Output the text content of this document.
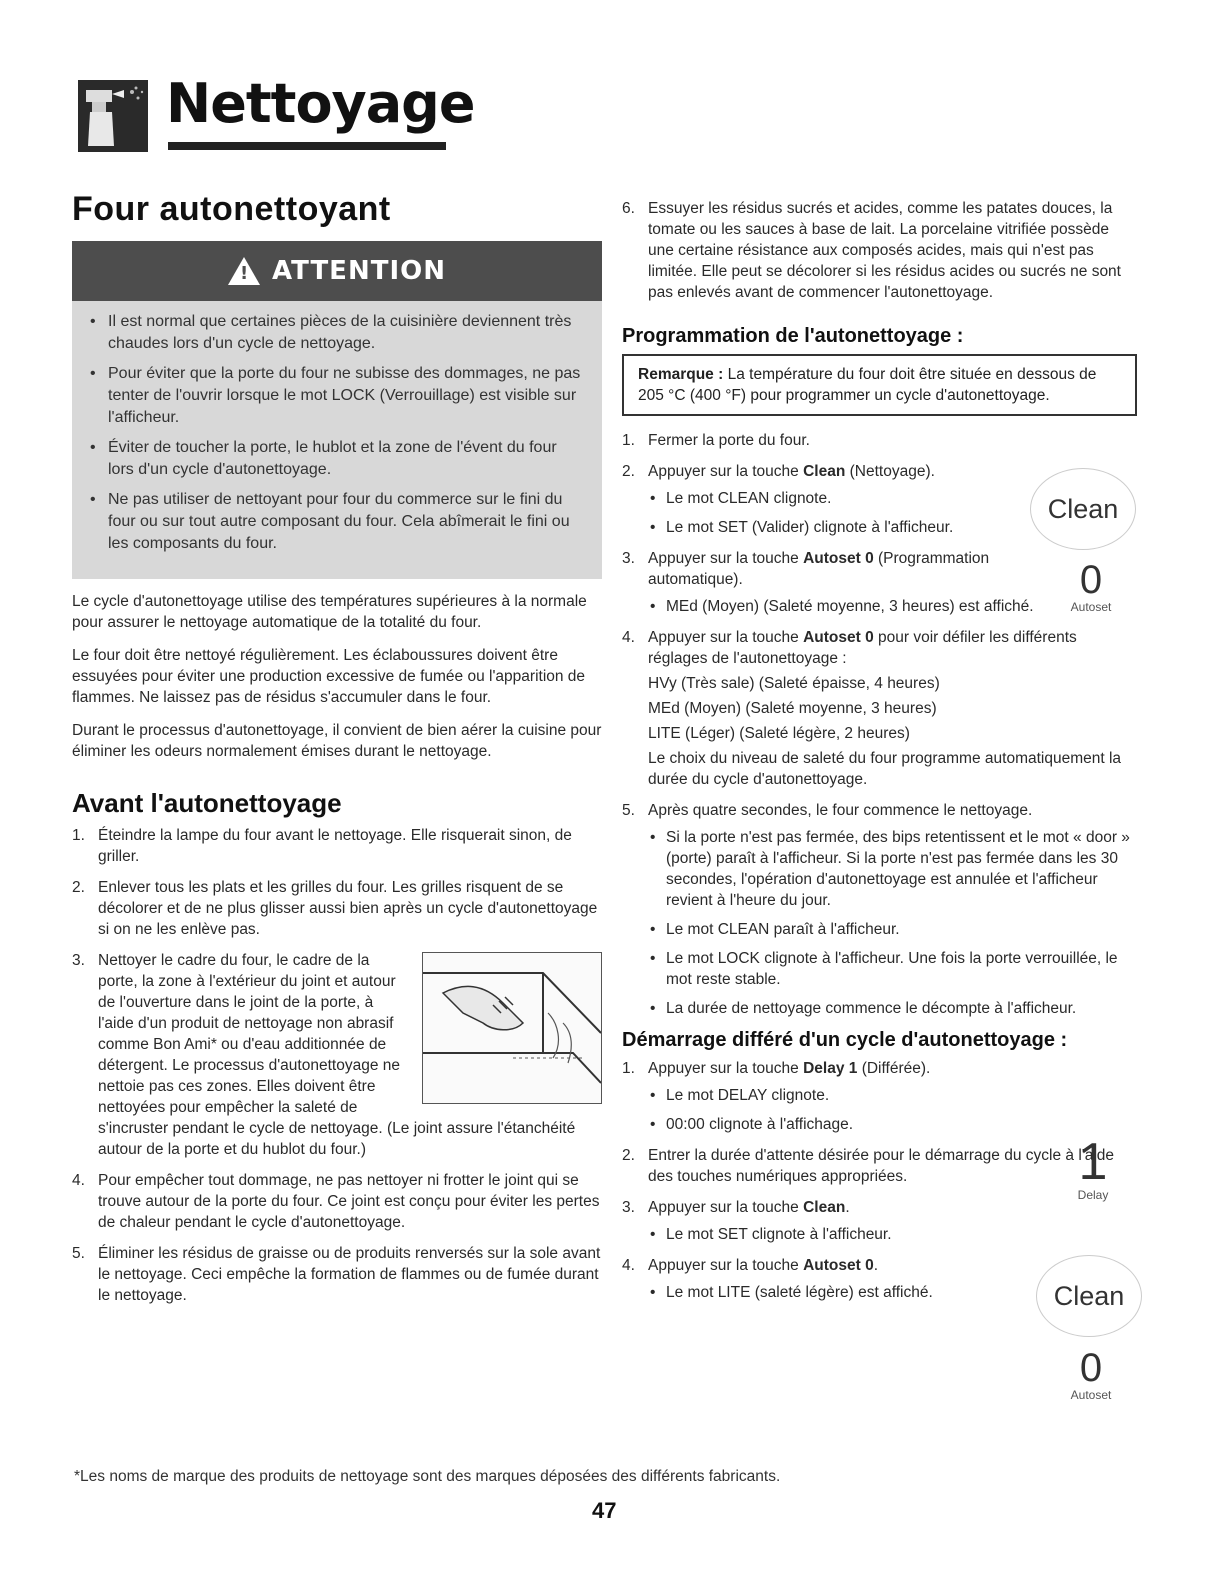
Nettoyage
Four autonettoyant
! ATTENTION
• Il est normal que certaines pièces de la cuisinière deviennent très chaudes lors d'un cycle de nettoyage.
• Pour éviter que la porte du four ne subisse des dommages, ne pas tenter de l'ouvrir lorsque le mot LOCK (Verrouillage) est visible sur l'afficheur.
• Éviter de toucher la porte, le hublot et la zone de l'évent du four lors d'un cycle d'autonettoyage.
• Ne pas utiliser de nettoyant pour four du commerce sur le fini du four ou sur tout autre composant du four. Cela abîmerait le fini ou les composants du four.

Le cycle d'autonettoyage utilise des températures supérieures à la normale pour assurer le nettoyage automatique de la totalité du four.

Le four doit être nettoyé régulièrement. Les éclaboussures doivent être essuyées pour éviter une production excessive de fumée ou l'apparition de flammes. Ne laissez pas de résidus s'accumuler dans le four.

Durant le processus d'autonettoyage, il convient de bien aérer la cuisine pour éliminer les odeurs normalement émises durant le nettoyage.

Avant l'autonettoyage
1. Éteindre la lampe du four avant le nettoyage. Elle risquerait sinon, de griller.
2. Enlever tous les plats et les grilles du four. Les grilles risquent de se décolorer et de ne plus glisser aussi bien après un cycle d'autonettoyage si on ne les enlève pas.
3. Nettoyer le cadre du four, le cadre de la porte, la zone à l'extérieur du joint et autour de l'ouverture dans le joint de la porte, à l'aide d'un produit de nettoyage non abrasif comme Bon Ami* ou d'eau additionnée de détergent. Le processus d'autonettoyage ne nettoie pas ces zones. Elles doivent être nettoyées pour empêcher la saleté de s'incruster pendant le cycle de nettoyage. (Le joint assure l'étanchéité autour de la porte et du hublot du four.)
4. Pour empêcher tout dommage, ne pas nettoyer ni frotter le joint qui se trouve autour de la porte du four. Ce joint est conçu pour éviter les pertes de chaleur pendant le cycle d'autonettoyage.
5. Éliminer les résidus de graisse ou de produits renversés sur la sole avant le nettoyage. Ceci empêche la formation de flammes ou de fumée durant le nettoyage.
6. Essuyer les résidus sucrés et acides, comme les patates douces, la tomate ou les sauces à base de lait. La porcelaine vitrifiée possède une certaine résistance aux composés acides, mais qui n'est pas limitée. Elle peut se décolorer si les résidus acides ou sucrés ne sont pas enlevés avant de commencer l'autonettoyage.
Programmation de l'autonettoyage :
Remarque : La température du four doit être située en dessous de 205 °C (400 °F) pour programmer un cycle d'autonettoyage.
1. Fermer la porte du four.
2. Appuyer sur la touche Clean (Nettoyage).
• Le mot CLEAN clignote.
• Le mot SET (Valider) clignote à l'afficheur.
3. Appuyer sur la touche Autoset 0 (Programmation automatique).
• MEd (Moyen) (Saleté moyenne, 3 heures) est affiché.
4. Appuyer sur la touche Autoset 0 pour voir défiler les différents réglages de l'autonettoyage :
HVy (Très sale) (Saleté épaisse, 4 heures)
MEd (Moyen) (Saleté moyenne, 3 heures)
LITE (Léger) (Saleté légère, 2 heures)
Le choix du niveau de saleté du four programme automatiquement la durée du cycle d'autonettoyage.
5. Après quatre secondes, le four commence le nettoyage.
• Si la porte n'est pas fermée, des bips retentissent et le mot « door » (porte) paraît à l'afficheur. Si la porte n'est pas fermée dans les 30 secondes, l'opération d'autonettoyage est annulée et l'afficheur revient à l'heure du jour.
• Le mot CLEAN paraît à l'afficheur.
• Le mot LOCK clignote à l'afficheur. Une fois la porte verrouillée, le mot reste stable.
• La durée de nettoyage commence le décompte à l'afficheur.
Démarrage différé d'un cycle d'autonettoyage :
1. Appuyer sur la touche Delay 1 (Différée).
• Le mot DELAY clignote.
• 00:00 clignote à l'affichage.
2. Entrer la durée d'attente désirée pour le démarrage du cycle à l'aide des touches numériques appropriées.
3. Appuyer sur la touche Clean.
• Le mot SET clignote à l'afficheur.
4. Appuyer sur la touche Autoset 0.
• Le mot LITE (saleté légère) est affiché.
Clean
0
Autoset
1
Delay
Clean
0
Autoset
*Les noms de marque des produits de nettoyage sont des marques déposées des différents fabricants.
47
